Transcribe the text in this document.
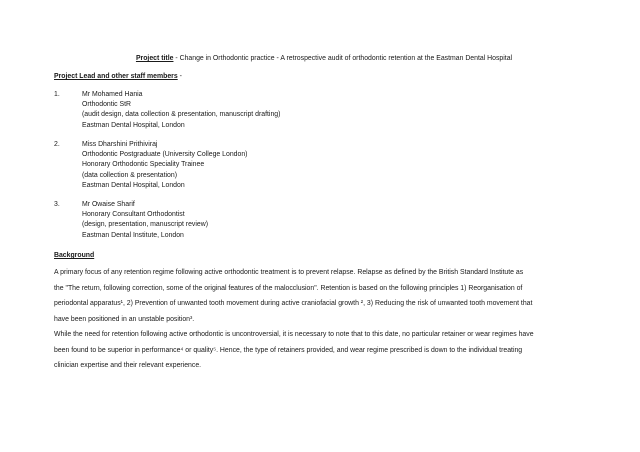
Project title - Change in Orthodontic practice - A retrospective audit of orthodontic retention at the Eastman Dental Hospital
Project Lead and other staff members -
1.	Mr Mohamed Hania
Orthodontic StR
(audit design, data collection & presentation, manuscript drafting)
Eastman Dental Hospital, London
2.	Miss Dharshini Prithiviraj
Orthodontic Postgraduate (University College London)
Honorary Orthodontic Speciality Trainee
(data collection & presentation)
Eastman Dental Hospital, London
3.	Mr Owaise Sharif
Honorary Consultant Orthodontist
(design, presentation, manuscript review)
Eastman Dental Institute, London
Background
A primary focus of any retention regime following active orthodontic treatment is to prevent relapse. Relapse as defined by the British Standard Institute as
the "The return, following correction, some of the original features of the malocclusion". Retention is based on the following principles 1) Reorganisation of
periodontal apparatus¹, 2) Prevention of unwanted tooth movement during active craniofacial growth ², 3) Reducing the risk of unwanted tooth movement that
have been positioned in an unstable position³.
While the need for retention following active orthodontic is uncontroversial, it is necessary to note that to this date, no particular retainer or wear regimes have
been found to be superior in performance⁴ or quality⁵. Hence, the type of retainers provided, and wear regime prescribed is down to the individual treating
clinician expertise and their relevant experience.
